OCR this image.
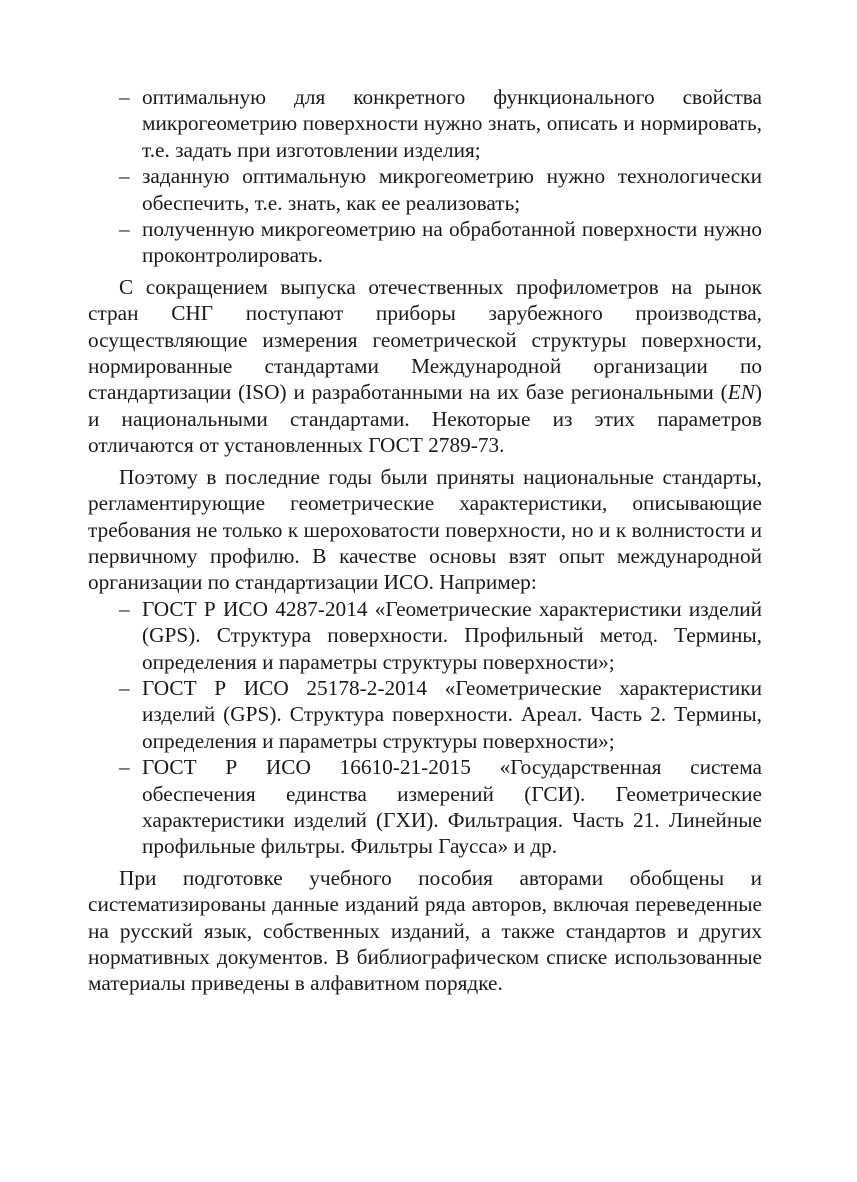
– оптимальную для конкретного функционального свойства микрогеометрию поверхности нужно знать, описать и нормировать, т.е. задать при изготовлении изделия;
– заданную оптимальную микрогеометрию нужно технологически обеспечить, т.е. знать, как ее реализовать;
– полученную микрогеометрию на обработанной поверхности нужно проконтролировать.

С сокращением выпуска отечественных профилометров на рынок стран СНГ поступают приборы зарубежного производства, осуществляющие измерения геометрической структуры поверхности, нормированные стандартами Международной организации по стандартизации (ISO) и разработанными на их базе региональными (EN) и национальными стандартами. Некоторые из этих параметров отличаются от установленных ГОСТ 2789-73.

Поэтому в последние годы были приняты национальные стандарты, регламентирующие геометрические характеристики, описывающие требования не только к шероховатости поверхности, но и к волнистости и первичному профилю. В качестве основы взят опыт международной организации по стандартизации ИСО. Например:

– ГОСТ Р ИСО 4287-2014 «Геометрические характеристики изделий (GPS). Структура поверхности. Профильный метод. Термины, определения и параметры структуры поверхности»;
– ГОСТ Р ИСО 25178-2-2014 «Геометрические характеристики изделий (GPS). Структура поверхности. Ареал. Часть 2. Термины, определения и параметры структуры поверхности»;
– ГОСТ Р ИСО 16610-21-2015 «Государственная система обеспечения единства измерений (ГСИ). Геометрические характеристики изделий (ГХИ). Фильтрация. Часть 21. Линейные профильные фильтры. Фильтры Гаусса» и др.

При подготовке учебного пособия авторами обобщены и систематизированы данные изданий ряда авторов, включая переведенные на русский язык, собственных изданий, а также стандартов и других нормативных документов. В библиографическом списке использованные материалы приведены в алфавитном порядке.
